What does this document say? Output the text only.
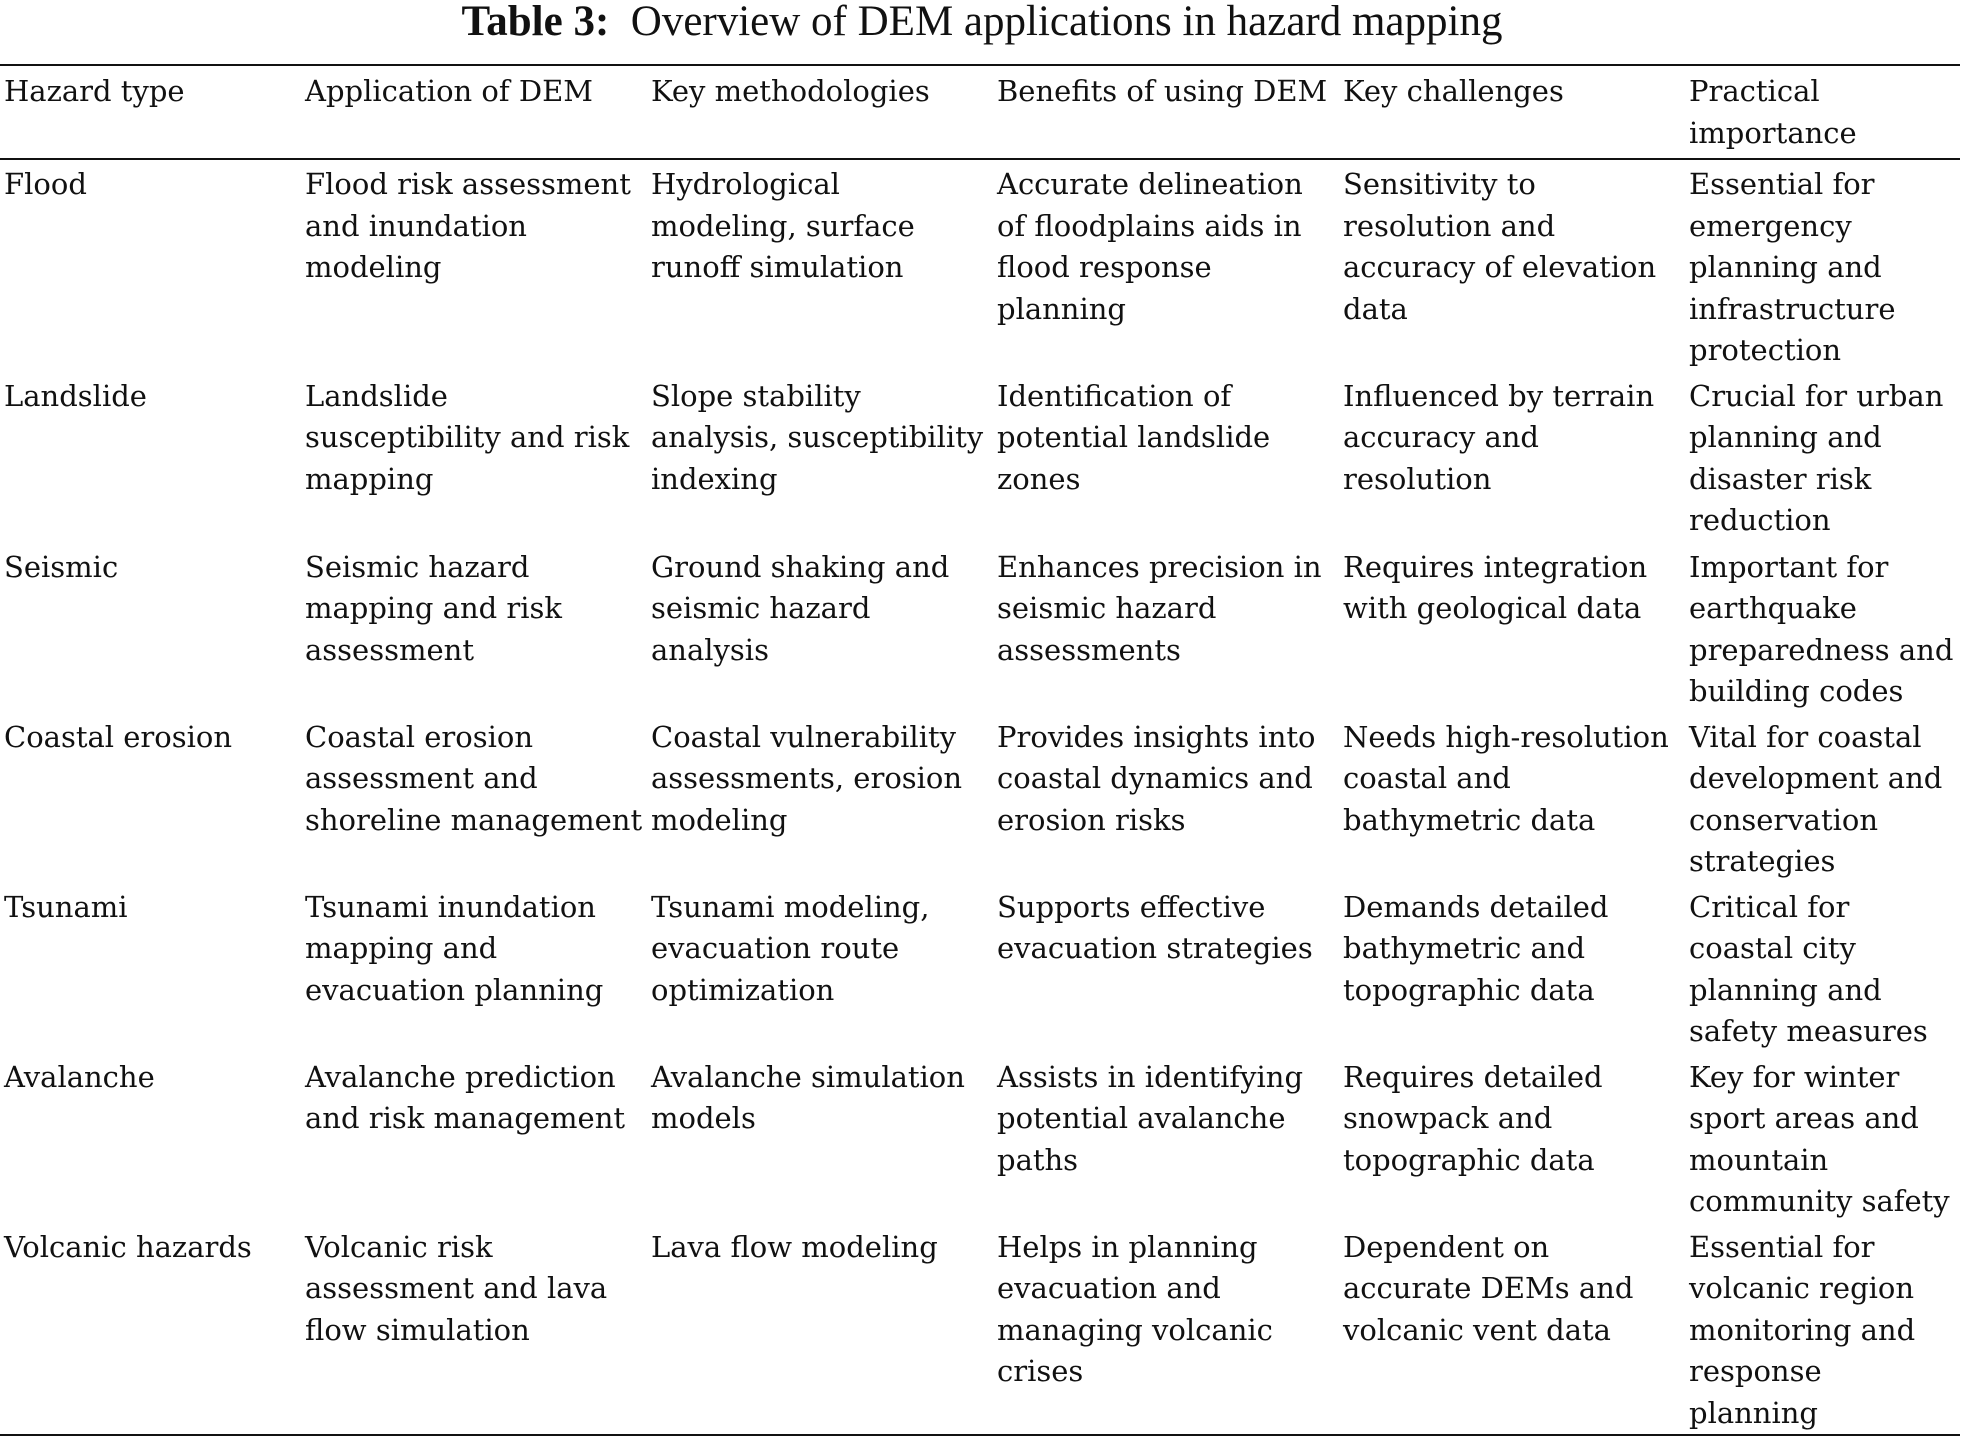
Table 3: Overview of DEM applications in hazard mapping
Hazard type	Application of DEM	Key methodologies	Benefits of using DEM	Key challenges	Practical importance
Flood	Flood risk assessment and inundation modeling	Hydrological modeling, surface runoff simulation	Accurate delineation of floodplains aids in flood response planning	Sensitivity to resolution and accuracy of elevation data	Essential for emergency planning and infrastructure protection
Landslide	Landslide susceptibility and risk mapping	Slope stability analysis, susceptibility indexing	Identification of potential landslide zones	Influenced by terrain accuracy and resolution	Crucial for urban planning and disaster risk reduction
Seismic	Seismic hazard mapping and risk assessment	Ground shaking and seismic hazard analysis	Enhances precision in seismic hazard assessments	Requires integration with geological data	Important for earthquake preparedness and building codes
Coastal erosion	Coastal erosion assessment and shoreline management	Coastal vulnerability assessments, erosion modeling	Provides insights into coastal dynamics and erosion risks	Needs high-resolution coastal and bathymetric data	Vital for coastal development and conservation strategies
Tsunami	Tsunami inundation mapping and evacuation planning	Tsunami modeling, evacuation route optimization	Supports effective evacuation strategies	Demands detailed bathymetric and topographic data	Critical for coastal city planning and safety measures
Avalanche	Avalanche prediction and risk management	Avalanche simulation models	Assists in identifying potential avalanche paths	Requires detailed snowpack and topographic data	Key for winter sport areas and mountain community safety
Volcanic hazards	Volcanic risk assessment and lava flow simulation	Lava flow modeling	Helps in planning evacuation and managing volcanic crises	Dependent on accurate DEMs and volcanic vent data	Essential for volcanic region monitoring and response planning
